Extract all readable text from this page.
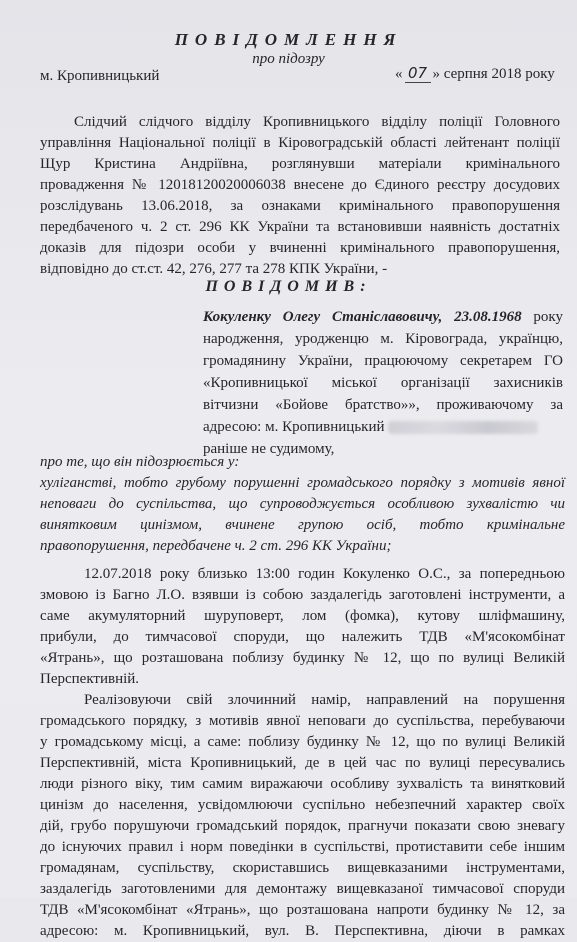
ПОВІДОМЛЕННЯ
про підозру
м. Кропивницький	« 07 » серпня 2018 року
Слідчий слідчого відділу Кропивницького відділу поліції Головного
управління Національної поліції в Кіровоградській області лейтенант поліції
Щур Кристина Андріївна, розглянувши матеріали кримінального
провадження № 12018120020006038 внесене до Єдиного реєстру досудових
розслідувань 13.06.2018, за ознаками кримінального правопорушення
передбаченого ч. 2 ст. 296 КК України та встановивши наявність достатніх
доказів для підозри особи у вчиненні кримінального правопорушення,
відповідно до ст.ст. 42, 276, 277 та 278 КПК України, -
ПОВІДОМИВ:
Кокуленку Олегу Станіславовичу, 23.08.1968 року
народження, уродженцю м. Кіровограда, українцю,
громадянину України, працюючому секретарем ГО
«Кропивницької міської організації захисників
вітчизни «Бойове братство»», проживаючому за
адресою: м. Кропивницький
раніше не судимому,
про те, що він підозрюється у:
хуліганстві, тобто грубому порушенні громадського порядку з мотивів явної
неповаги до суспільства, що супроводжується особливою зухвалістю чи
винятковим цинізмом, вчинене групою осіб, тобто кримінальне
правопорушення, передбачене ч. 2 ст. 296 КК України;
12.07.2018 року близько 13:00 годин Кокуленко О.С., за попередньою
змовою із Багно Л.О. взявши із собою заздалегідь заготовлені інструменти, а
саме акумуляторний шуруповерт, лом (фомка), кутову шліфмашину,
прибули, до тимчасової споруди, що належить ТДВ «М'ясокомбінат
«Ятрань», що розташована поблизу будинку № 12, що по вулиці Великій
Перспективній.
Реалізовуючи свій злочинний намір, направлений на порушення
громадського порядку, з мотивів явної неповаги до суспільства, перебуваючи
у громадському місці, а саме: поблизу будинку № 12, що по вулиці Великій
Перспективній, міста Кропивницький, де в цей час по вулиці пересувались
люди різного віку, тим самим виражаючи особливу зухвалість та винятковий
цинізм до населення, усвідомлюючи суспільно небезпечний характер своїх
дій, грубо порушуючи громадський порядок, прагнучи показати свою зневагу
до існуючих правил і норм поведінки в суспільстві, протиставити себе іншим
громадянам, суспільству, скориставшись вищевказаними інструментами,
заздалегідь заготовленими для демонтажу вищевказаної тимчасової споруди
ТДВ «М'ясокомбінат «Ятрань», що розташована напроти будинку № 12, за
адресою: м. Кропивницький, вул. В. Перспективна, діючи в рамках
